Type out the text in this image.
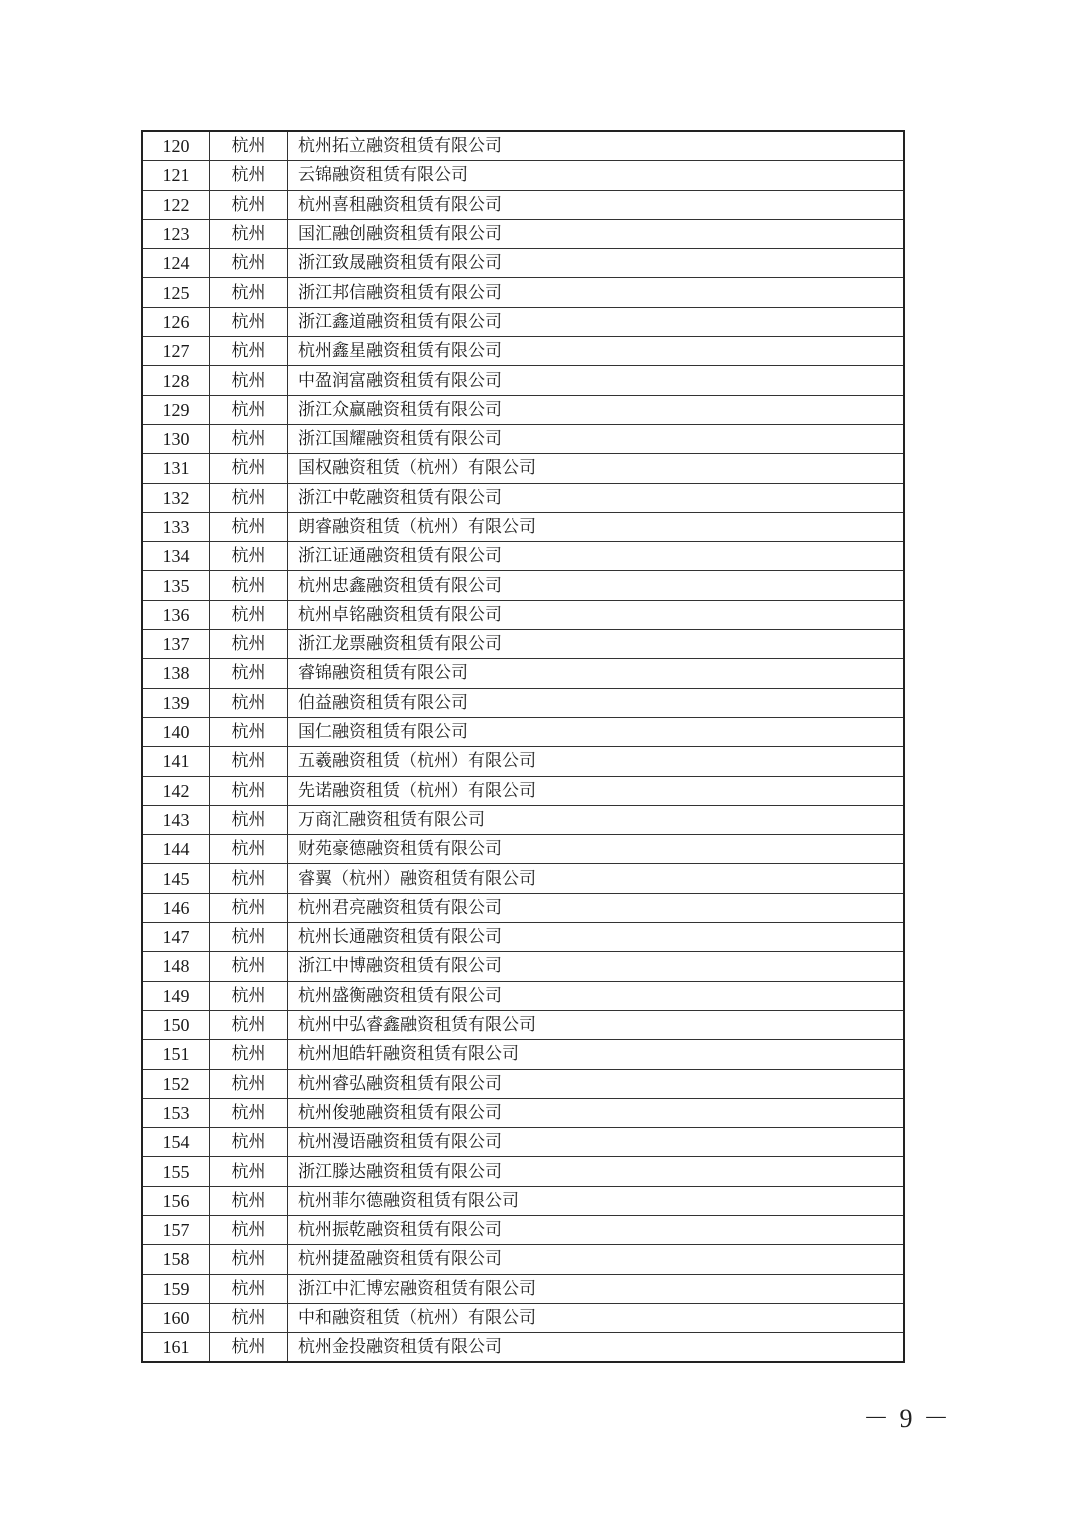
120	杭州	杭州拓立融资租赁有限公司
121	杭州	云锦融资租赁有限公司
122	杭州	杭州喜租融资租赁有限公司
123	杭州	国汇融创融资租赁有限公司
124	杭州	浙江致晟融资租赁有限公司
125	杭州	浙江邦信融资租赁有限公司
126	杭州	浙江鑫道融资租赁有限公司
127	杭州	杭州鑫星融资租赁有限公司
128	杭州	中盈润富融资租赁有限公司
129	杭州	浙江众赢融资租赁有限公司
130	杭州	浙江国耀融资租赁有限公司
131	杭州	国权融资租赁（杭州）有限公司
132	杭州	浙江中乾融资租赁有限公司
133	杭州	朗睿融资租赁（杭州）有限公司
134	杭州	浙江证通融资租赁有限公司
135	杭州	杭州忠鑫融资租赁有限公司
136	杭州	杭州卓铭融资租赁有限公司
137	杭州	浙江龙票融资租赁有限公司
138	杭州	睿锦融资租赁有限公司
139	杭州	伯益融资租赁有限公司
140	杭州	国仁融资租赁有限公司
141	杭州	五羲融资租赁（杭州）有限公司
142	杭州	先诺融资租赁（杭州）有限公司
143	杭州	万商汇融资租赁有限公司
144	杭州	财苑豪德融资租赁有限公司
145	杭州	睿翼（杭州）融资租赁有限公司
146	杭州	杭州君亮融资租赁有限公司
147	杭州	杭州长通融资租赁有限公司
148	杭州	浙江中博融资租赁有限公司
149	杭州	杭州盛衡融资租赁有限公司
150	杭州	杭州中弘睿鑫融资租赁有限公司
151	杭州	杭州旭皓轩融资租赁有限公司
152	杭州	杭州睿弘融资租赁有限公司
153	杭州	杭州俊驰融资租赁有限公司
154	杭州	杭州漫语融资租赁有限公司
155	杭州	浙江滕达融资租赁有限公司
156	杭州	杭州菲尔德融资租赁有限公司
157	杭州	杭州振乾融资租赁有限公司
158	杭州	杭州捷盈融资租赁有限公司
159	杭州	浙江中汇博宏融资租赁有限公司
160	杭州	中和融资租赁（杭州）有限公司
161	杭州	杭州金投融资租赁有限公司
－ 9 －
